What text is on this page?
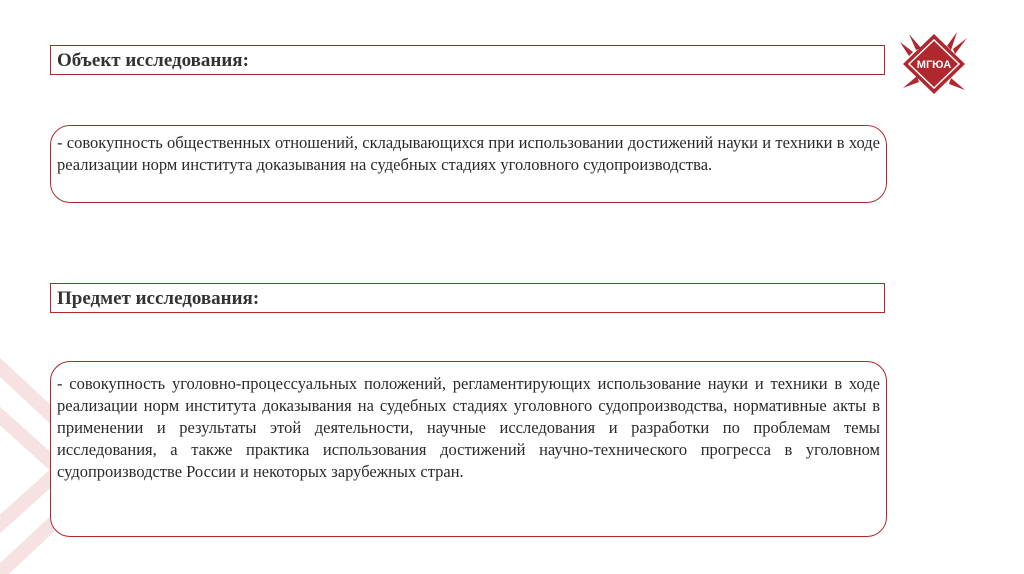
Объект исследования:

- совокупность общественных отношений, складывающихся при использовании достижений науки и техники в ходе реализации норм института доказывания на судебных стадиях уголовного судопроизводства.

Предмет исследования:

- совокупность уголовно-процессуальных положений, регламентирующих использование науки и техники в ходе реализации норм института доказывания на судебных стадиях уголовного судопроизводства, нормативные акты в применении и результаты этой деятельности, научные исследования и разработки по проблемам темы исследования, а также практика использования достижений научно-технического прогресса в уголовном судопроизводстве России и некоторых зарубежных стран.

МГЮА
